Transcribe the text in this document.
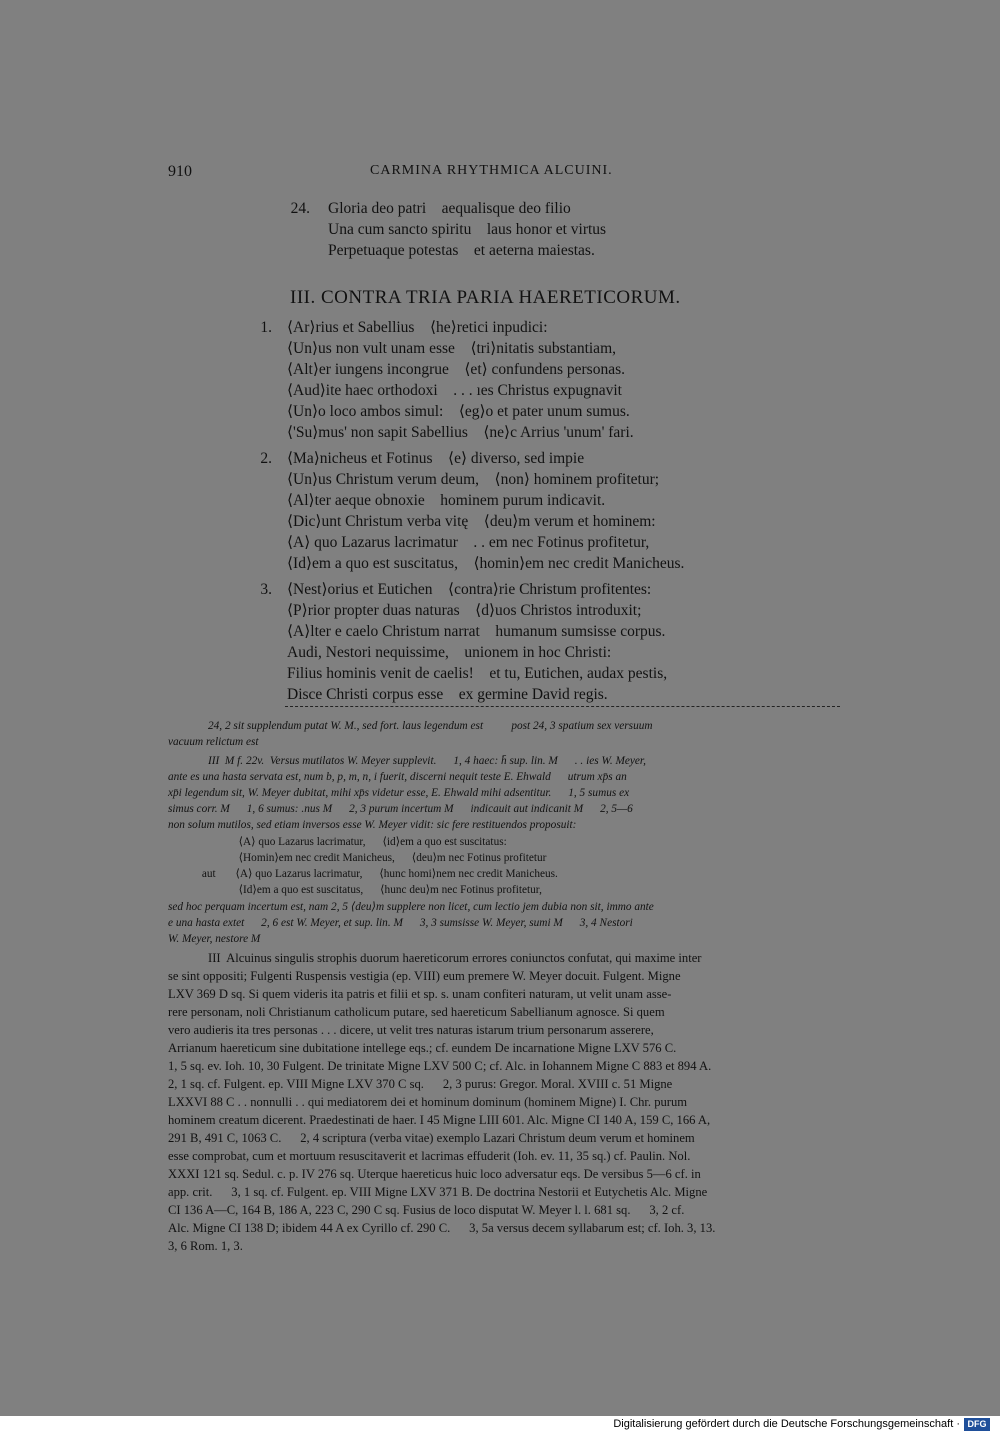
910	CARMINA RHYTHMICA ALCUINI.
24. Gloria deo patri    aequalisque deo filio
Una cum sancto spiritu    laus honor et virtus
Perpetuaque potestas    et aeterna maiestas.
III. CONTRA TRIA PARIA HAERETICORUM.
1. ⟨Ar⟩rius et Sabellius    ⟨he⟩retici inpudici:
⟨Un⟩us non vult unam esse    ⟨tri⟩nitatis substantiam,
⟨Alt⟩er iungens incongrue    ⟨et⟩ confundens personas.
⟨Aud⟩ite haec orthodoxi    . . . ıes Christus expugnavit
⟨Un⟩o loco ambos simul:    ⟨eg⟩o et pater unum sumus.
⟨'Su⟩mus' non sapit Sabellius    ⟨ne⟩c Arrius 'unum' fari.
2. ⟨Ma⟩nicheus et Fotinus    ⟨e⟩ diverso, sed impie
⟨Un⟩us Christum verum deum,    ⟨non⟩ hominem profitetur;
⟨Al⟩ter aeque obnoxie    hominem purum indicavit.
⟨Dic⟩unt Christum verba vitę    ⟨deu⟩m verum et hominem:
⟨A⟩ quo Lazarus lacrimatur    . . em nec Fotinus profitetur,
⟨Id⟩em a quo est suscitatus,    ⟨homin⟩em nec credit Manicheus.
3. ⟨Nest⟩orius et Eutichen    ⟨contra⟩rie Christum profitentes:
⟨P⟩rior propter duas naturas    ⟨d⟩uos Christos introduxit;
⟨A⟩lter e caelo Christum narrat    humanum sumsisse corpus.
Audi, Nestori nequissime,    unionem in hoc Christi:
Filius hominis venit de caelis!    et tu, Eutichen, audax pestis,
Disce Christi corpus esse    ex germine David regis.
24, 2 sit supplendum putat W. M., sed fort. laus legendum est          post 24, 3 spatium sex versuum
vacuum relictum est
III  M f. 22v.  Versus mutilatos W. Meyer supplevit.      1, 4 haec: h̄ sup. lin. M      . . ies W. Meyer,
ante es una hasta servata est, num b, p, m, n, i fuerit, discerni nequit teste E. Ehwald      utrum xp̄s an
xp̄i legendum sit, W. Meyer dubitat, mihi xp̄s videtur esse, E. Ehwald mihi adsentitur.      1, 5 sumus ex
simus corr. M      1, 6 sumus: .nus M      2, 3 purum incertum M      indicauit aut indicanit M      2, 5—6
non solum mutilos, sed etiam inversos esse W. Meyer vidit: sic fere restituendos proposuit:
⟨A⟩ quo Lazarus lacrimatur,      ⟨id⟩em a quo est suscitatus:
⟨Homin⟩em nec credit Manicheus,      ⟨deu⟩m nec Fotinus profitetur
aut       ⟨A⟩ quo Lazarus lacrimatur,      ⟨hunc homi⟩nem nec credit Manicheus.
⟨Id⟩em a quo est suscitatus,      ⟨hunc deu⟩m nec Fotinus profitetur,
sed hoc perquam incertum est, nam 2, 5 ⟨deu⟩m supplere non licet, cum lectio jem dubia non sit, immo ante
e una hasta extet      2, 6 est W. Meyer, et sup. lin. M      3, 3 sumsisse W. Meyer, sumi M      3, 4 Nestori
W. Meyer, nestore M
III  Alcuinus singulis strophis duorum haereticorum errores coniunctos confutat, qui maxime inter
se sint oppositi; Fulgenti Ruspensis vestigia (ep. VIII) eum premere W. Meyer docuit. Fulgent. Migne
LXV 369 D sq. Si quem videris ita patris et filii et sp. s. unam confiteri naturam, ut velit unam asse-
rere personam, noli Christianum catholicum putare, sed haereticum Sabellianum agnosce. Si quem
vero audieris ita tres personas . . . dicere, ut velit tres naturas istarum trium personarum asserere,
Arrianum haereticum sine dubitatione intellege eqs.; cf. eundem De incarnatione Migne LXV 576 C.
1, 5 sq. ev. Ioh. 10, 30 Fulgent. De trinitate Migne LXV 500 C; cf. Alc. in Iohannem Migne C 883 et 894 A.
2, 1 sq. cf. Fulgent. ep. VIII Migne LXV 370 C sq.      2, 3 purus: Gregor. Moral. XVIII c. 51 Migne
LXXVI 88 C . . nonnulli . . qui mediatorem dei et hominum dominum (hominem Migne) I. Chr. purum
hominem creatum dicerent. Praedestinati de haer. I 45 Migne LIII 601. Alc. Migne CI 140 A, 159 C, 166 A,
291 B, 491 C, 1063 C.      2, 4 scriptura (verba vitae) exemplo Lazari Christum deum verum et hominem
esse comprobat, cum et mortuum resuscitaverit et lacrimas effuderit (Ioh. ev. 11, 35 sq.) cf. Paulin. Nol.
XXXI 121 sq. Sedul. c. p. IV 276 sq. Uterque haereticus huic loco adversatur eqs. De versibus 5—6 cf. in
app. crit.      3, 1 sq. cf. Fulgent. ep. VIII Migne LXV 371 B. De doctrina Nestorii et Eutychetis Alc. Migne
CI 136 A—C, 164 B, 186 A, 223 C, 290 C sq. Fusius de loco disputat W. Meyer l. l. 681 sq.      3, 2 cf.
Alc. Migne CI 138 D; ibidem 44 A ex Cyrillo cf. 290 C.      3, 5a versus decem syllabarum est; cf. Ioh. 3, 13.
3, 6 Rom. 1, 3.
Digitalisierung gefördert durch die Deutsche Forschungsgemeinschaft · DFG
